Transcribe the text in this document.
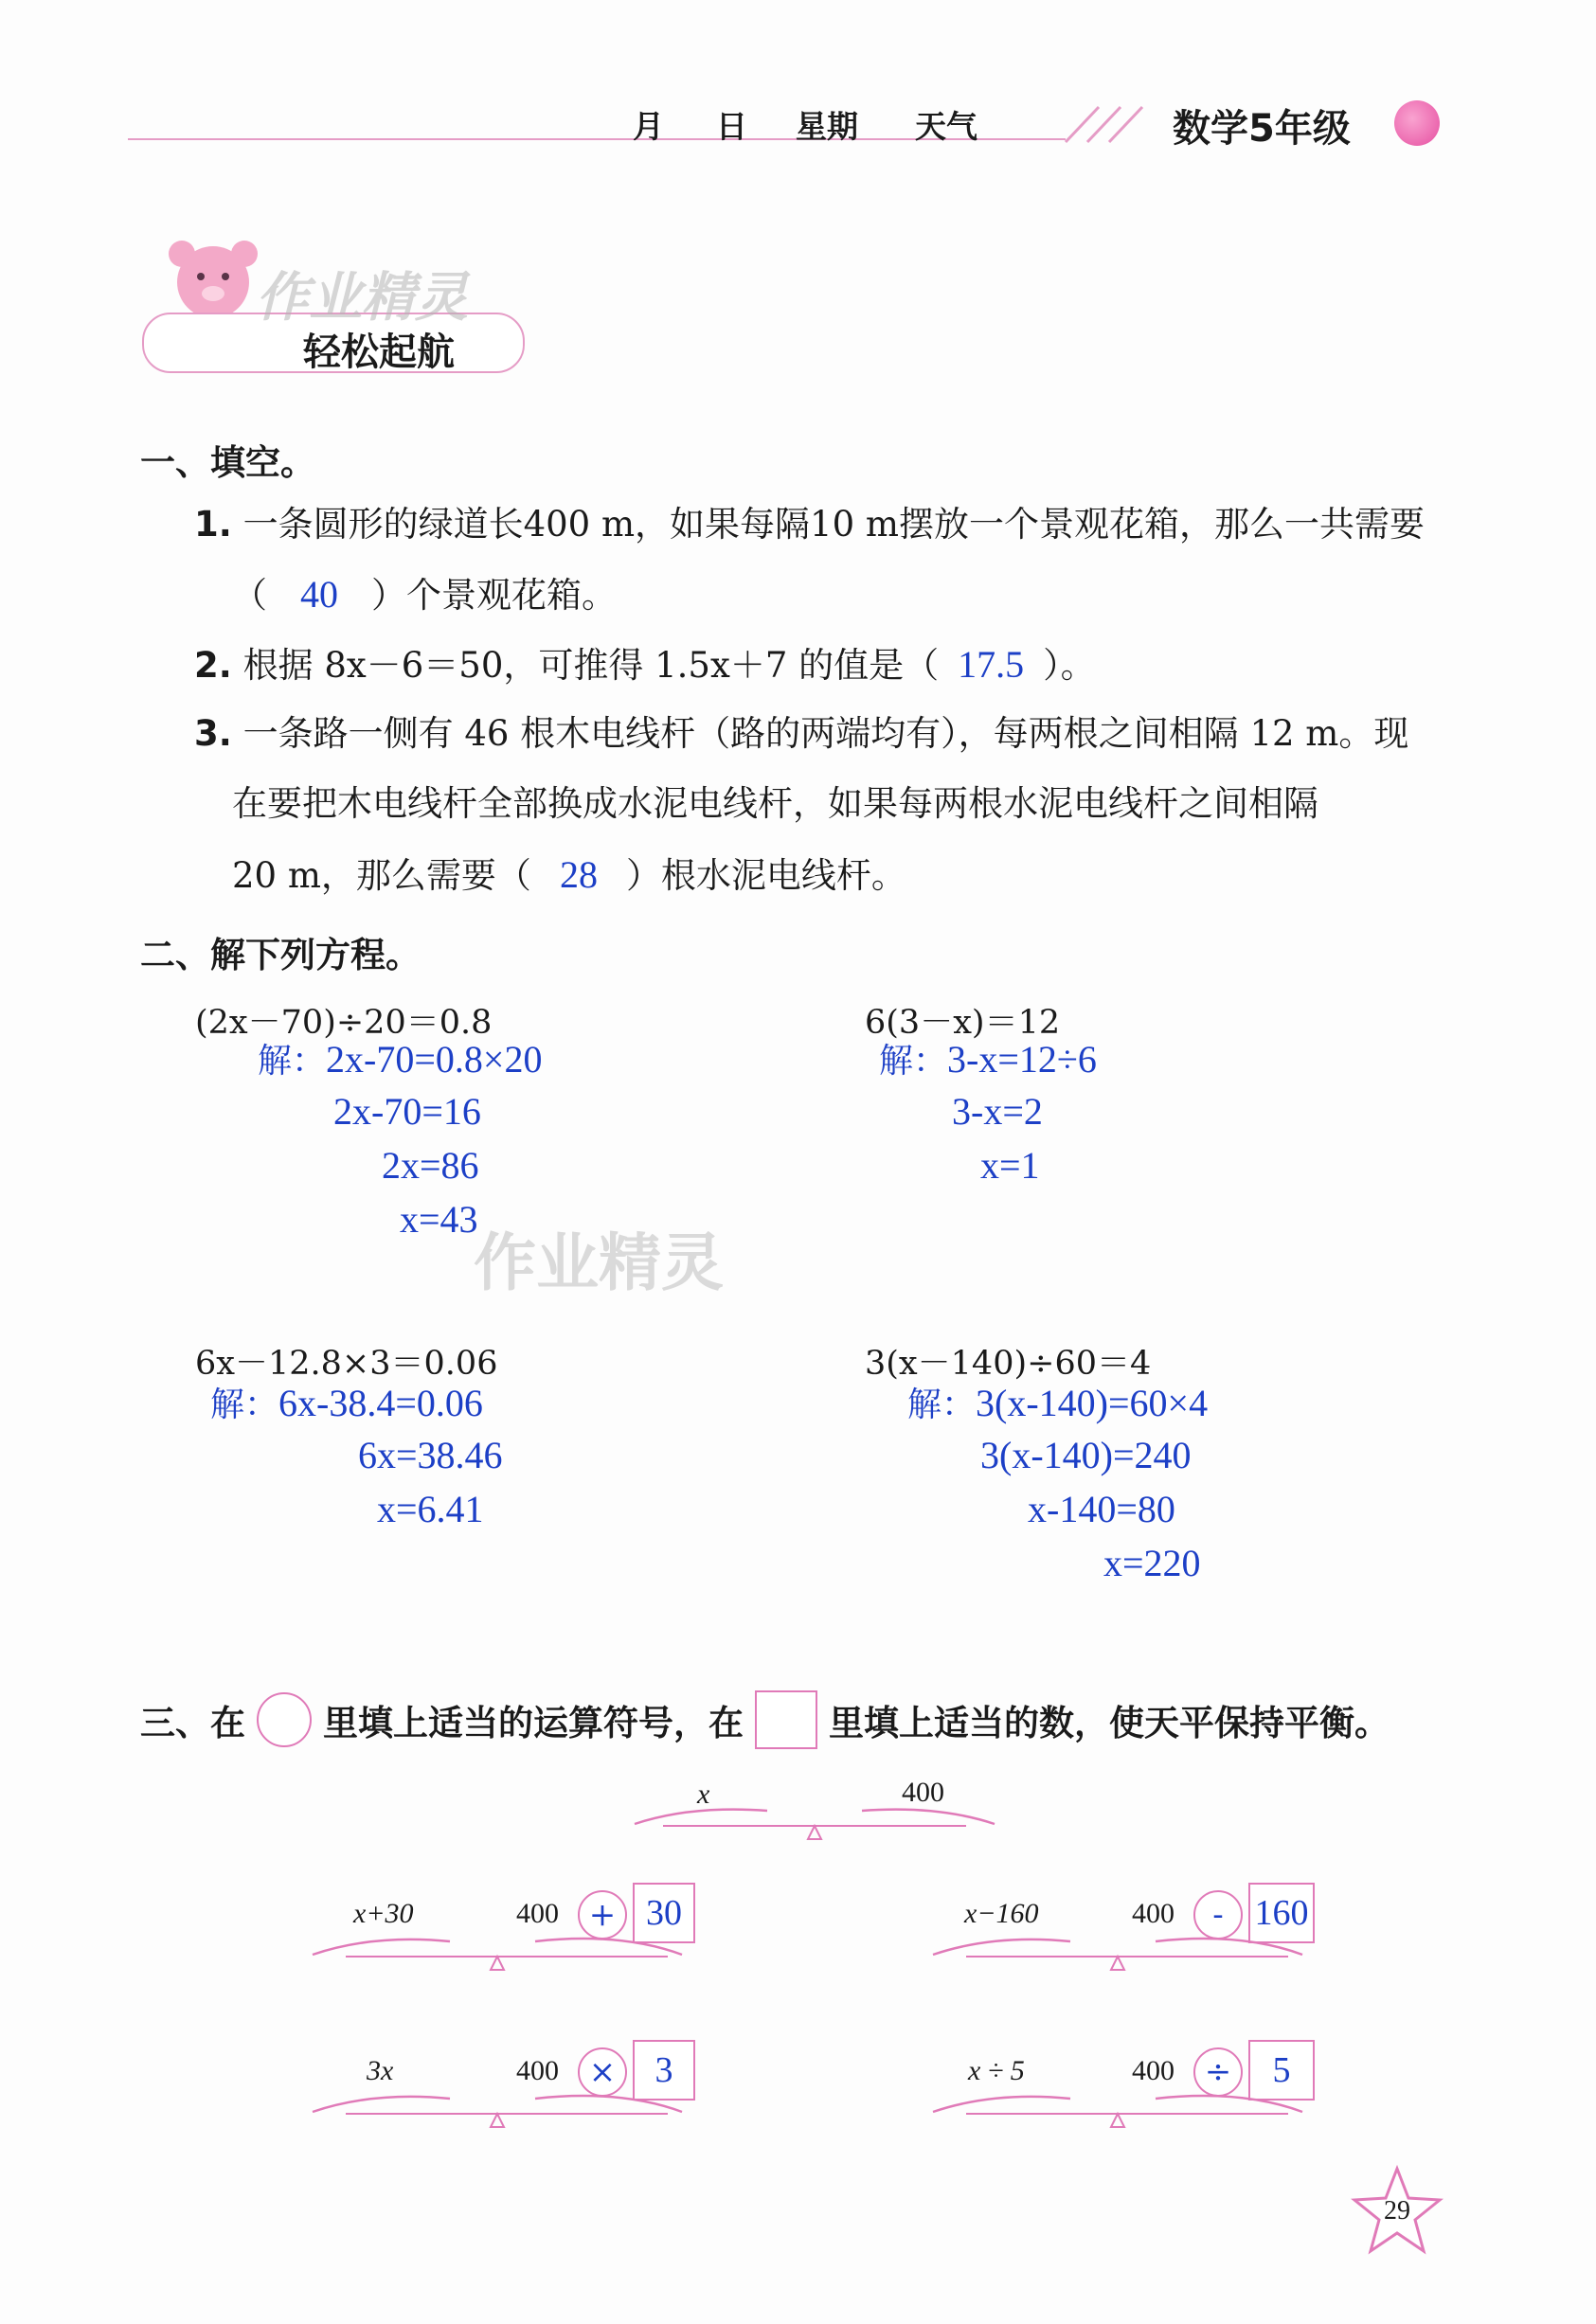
月 日 星期 天气	数学5年级
作业精灵
轻松起航
一、填空。
1. 一条圆形的绿道长400 m，如果每隔10 m摆放一个景观花箱，那么一共需要
（ 40 ）个景观花箱。
2. 根据 8x－6＝50，可推得 1.5x＋7 的值是（ 17.5 ）。
3. 一条路一侧有 46 根木电线杆（路的两端均有），每两根之间相隔 12 m。现
在要把木电线杆全部换成水泥电线杆，如果每两根水泥电线杆之间相隔
20 m，那么需要（ 28 ）根水泥电线杆。
二、解下列方程。
(2x－70)÷20＝0.8
解：2x-70=0.8×20
2x-70=16
2x=86
x=43
6(3－x)＝12
解：3-x=12÷6
3-x=2
x=1
作业精灵
6x－12.8×3＝0.06
解：6x-38.4=0.06
6x=38.46
x=6.41
3(x－140)÷60＝4
解：3(x-140)=60×4
3(x-140)=240
x-140=80
x=220
三、在 里填上适当的运算符号，在 里填上适当的数，使天平保持平衡。
x	400
x+30	400 + 30	x−160	400	- 160
3x	400 ×	3	x ÷ 5	400 ÷	5
29
